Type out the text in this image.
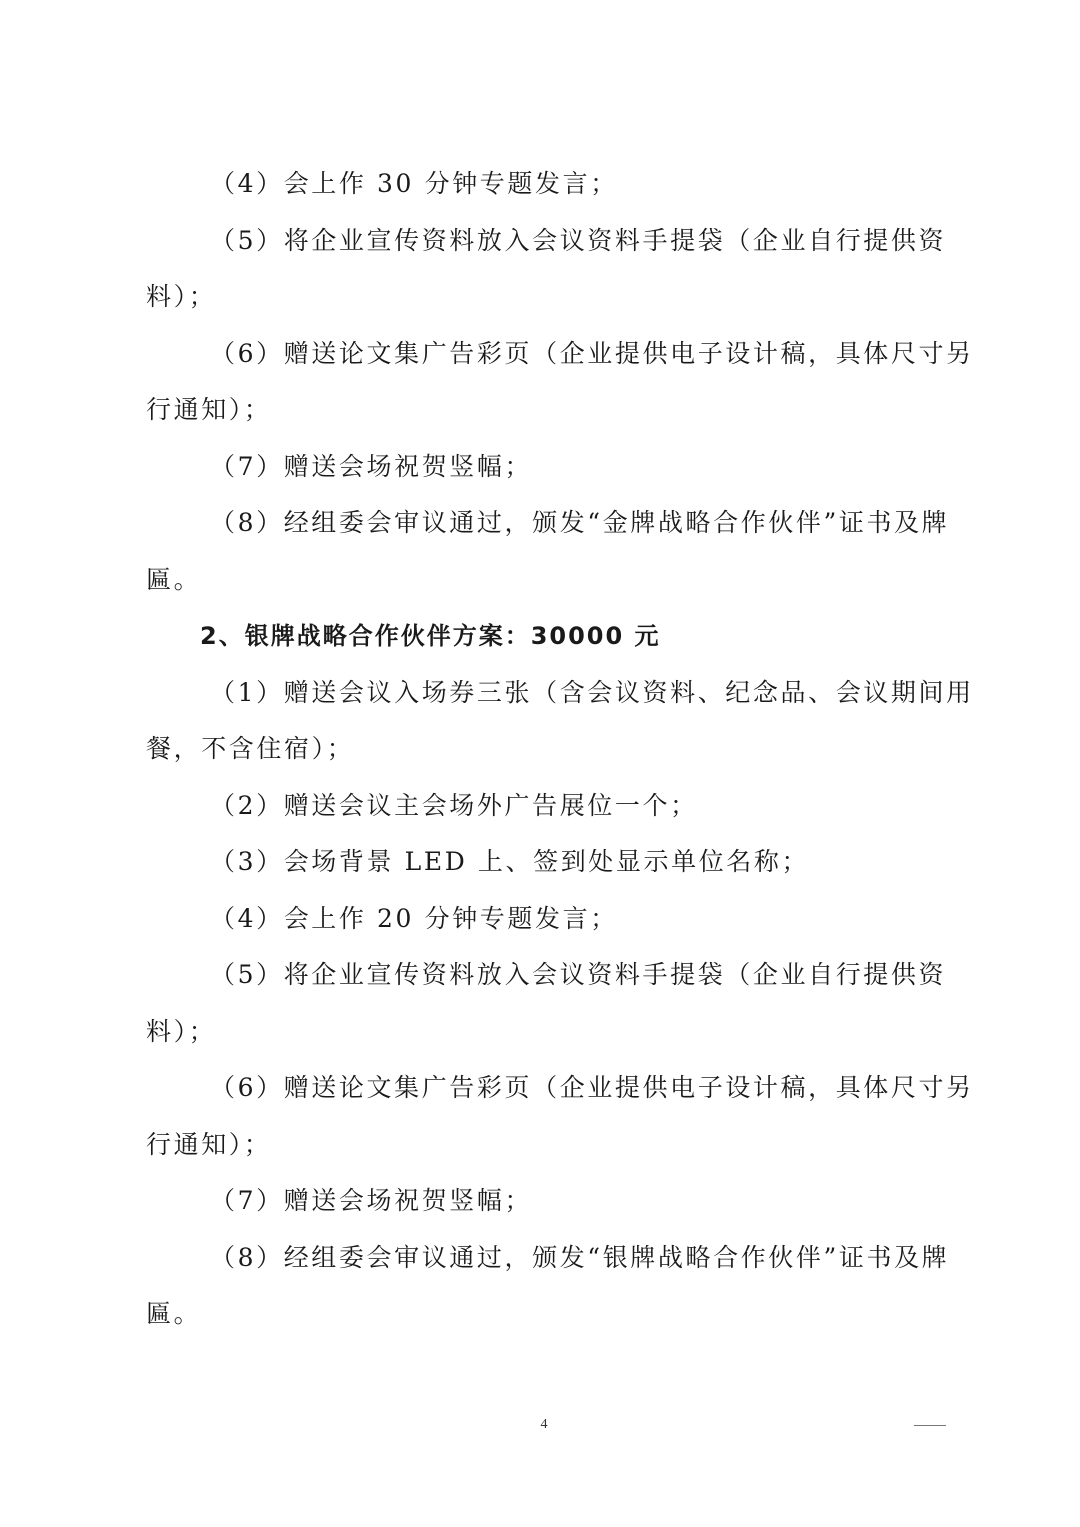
（4）会上作 30 分钟专题发言；
（5）将企业宣传资料放入会议资料手提袋（企业自行提供资
料）；
（6）赠送论文集广告彩页（企业提供电子设计稿，具体尺寸另
行通知）；
（7）赠送会场祝贺竖幅；
（8）经组委会审议通过，颁发“金牌战略合作伙伴”证书及牌
匾。
2、银牌战略合作伙伴方案：30000 元
（1）赠送会议入场券三张（含会议资料、纪念品、会议期间用
餐，不含住宿）；
（2）赠送会议主会场外广告展位一个；
（3）会场背景 LED 上、签到处显示单位名称；
（4）会上作 20 分钟专题发言；
（5）将企业宣传资料放入会议资料手提袋（企业自行提供资
料）；
（6）赠送论文集广告彩页（企业提供电子设计稿，具体尺寸另
行通知）；
（7）赠送会场祝贺竖幅；
（8）经组委会审议通过，颁发“银牌战略合作伙伴”证书及牌
匾。
4
